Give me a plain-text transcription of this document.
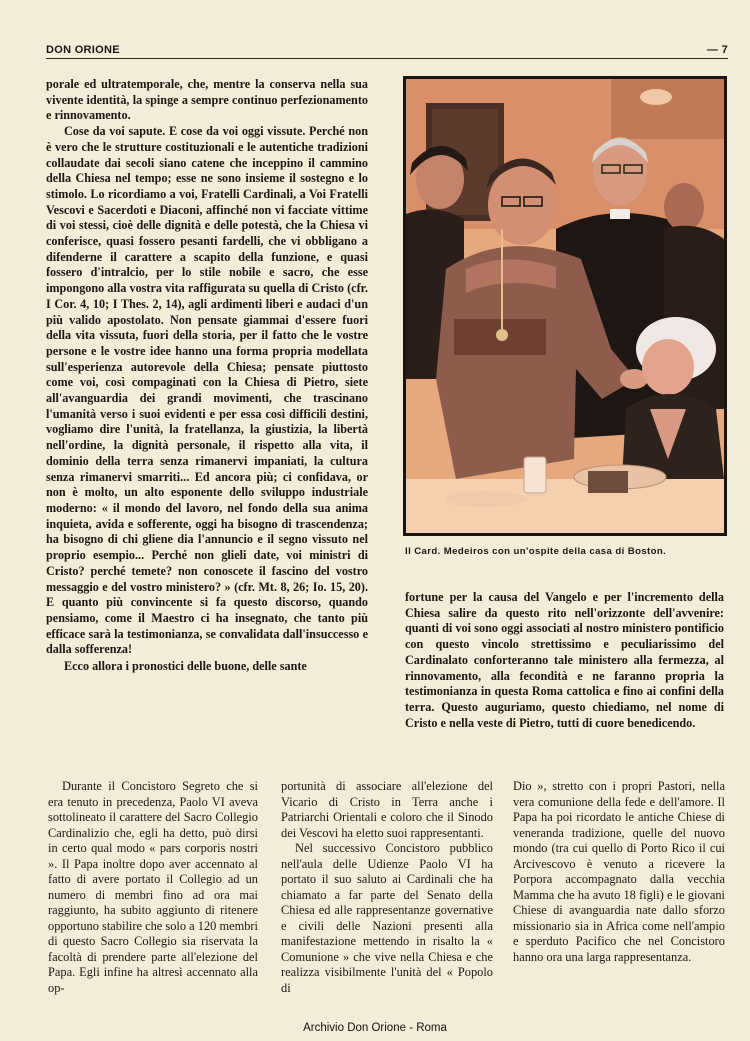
DON ORIONE	— 7

porale ed ultratemporale, che, mentre la conserva nella sua vivente identità, la spinge a sempre continuo perfezionamento e rinnovamento.

Cose da voi sapute. E cose da voi oggi vissute. Perché non è vero che le strutture costituzionali e le autentiche tradizioni collaudate dai secoli siano catene che inceppino il cammino della Chiesa nel tempo; esse ne sono insieme il sostegno e lo stimolo. Lo ricordiamo a voi, Fratelli Cardinali, a Voi Fratelli Vescovi e Sacerdoti e Diaconi, affinché non vi facciate vittime di voi stessi, cioè delle dignità e delle potestà, che la Chiesa vi conferisce, quasi fossero pesanti fardelli, che vi obbligano a difenderne il carattere a scapito della funzione, e quasi fossero d'intralcio, per lo stile nobile e sacro, che esse impongono alla vostra vita raffigurata su quella di Cristo (cfr. I Cor. 4, 10; I Thes. 2, 14), agli ardimenti liberi e audaci d'un più valido apostolato. Non pensate giammai d'essere fuori della vita vissuta, fuori della storia, per il fatto che le vostre persone e le vostre idee hanno una forma propria modellata sull'esperienza autorevole della Chiesa; pensate piuttosto come voi, così compaginati con la Chiesa di Pietro, siete all'avanguardia dei grandi movimenti, che trascinano l'umanità verso i suoi evidenti e per essa così difficili destini, vogliamo dire l'unità, la fratellanza, la giustizia, la libertà nell'ordine, la dignità personale, il rispetto alla vita, il dominio della terra senza rimanervi impaniati, la cultura senza rimanervi smarriti... Ed ancora più; ci confidava, or non è molto, un alto esponente dello sviluppo industriale moderno: « il mondo del lavoro, nel fondo della sua anima inquieta, avida e sofferente, oggi ha bisogno di trascendenza; ha bisogno di chi gliene dia l'annuncio e il segno vissuto nel proprio esempio... Perché non glieli date, voi ministri di Cristo? perché temete? non conoscete il fascino del vostro messaggio e del vostro ministero? » (cfr. Mt. 8, 26; Io. 15, 20). E quanto più convincente si fa questo discorso, quando pensiamo, come il Maestro ci ha insegnato, che tanto più efficace sarà la testimonianza, se convalidata dall'insuccesso e dalla sofferenza!

Ecco allora i pronostici delle buone, delle sante

Il Card. Medeiros con un'ospite della casa di Boston.

fortune per la causa del Vangelo e per l'incremento della Chiesa salire da questo rito nell'orizzonte dell'avvenire: quanti di voi sono oggi associati al nostro ministero pontificio con questo vincolo strettissimo e peculiarissimo del Cardinalato conforteranno tale ministero alla fermezza, al rinnovamento, alla fecondità e ne faranno propria la testimonianza in questa Roma cattolica e fino ai confini della terra. Questo auguriamo, questo chiediamo, nel nome di Cristo e nella veste di Pietro, tutti di cuore benedicendo.

Durante il Concistoro Segreto che si era tenuto in precedenza, Paolo VI aveva sottolineato il carattere del Sacro Collegio Cardinalizio che, egli ha detto, può dirsi in certo qual modo « pars corporis nostri ». Il Papa inoltre dopo aver accennato al fatto di avere portato il Collegio ad un numero di membri fino ad ora mai raggiunto, ha subito aggiunto di ritenere opportuno stabilire che solo a 120 membri di questo Sacro Collegio sia riservata la facoltà di prendere parte all'elezione del Papa. Egli infine ha altresì accennato alla op-

portunità di associare all'elezione del Vicario di Cristo in Terra anche i Patriarchi Orientali e coloro che il Sinodo dei Vescovi ha eletto suoi rappresentanti.

Nel successivo Concistoro pubblico nell'aula delle Udienze Paolo VI ha portato il suo saluto ai Cardinali che ha chiamato a far parte del Senato della Chiesa ed alle rappresentanze governative e civili delle Nazioni presenti alla manifestazione mettendo in risalto la « Comunione » che vive nella Chiesa e che realizza visibilmente l'unità del « Popolo di

Dio », stretto con i propri Pastori, nella vera comunione della fede e dell'amore. Il Papa ha poi ricordato le antiche Chiese di veneranda tradizione, quelle del nuovo mondo (tra cui quello di Porto Rico il cui Arcivescovo è venuto a ricevere la Porpora accompagnato dalla vecchia Mamma che ha avuto 18 figli) e le giovani Chiese di avanguardia nate dallo sforzo missionario sia in Africa come nell'ampio e sperduto Pacifico che nel Concistoro hanno ora una larga rappresentanza.

Archivio Don Orione - Roma
